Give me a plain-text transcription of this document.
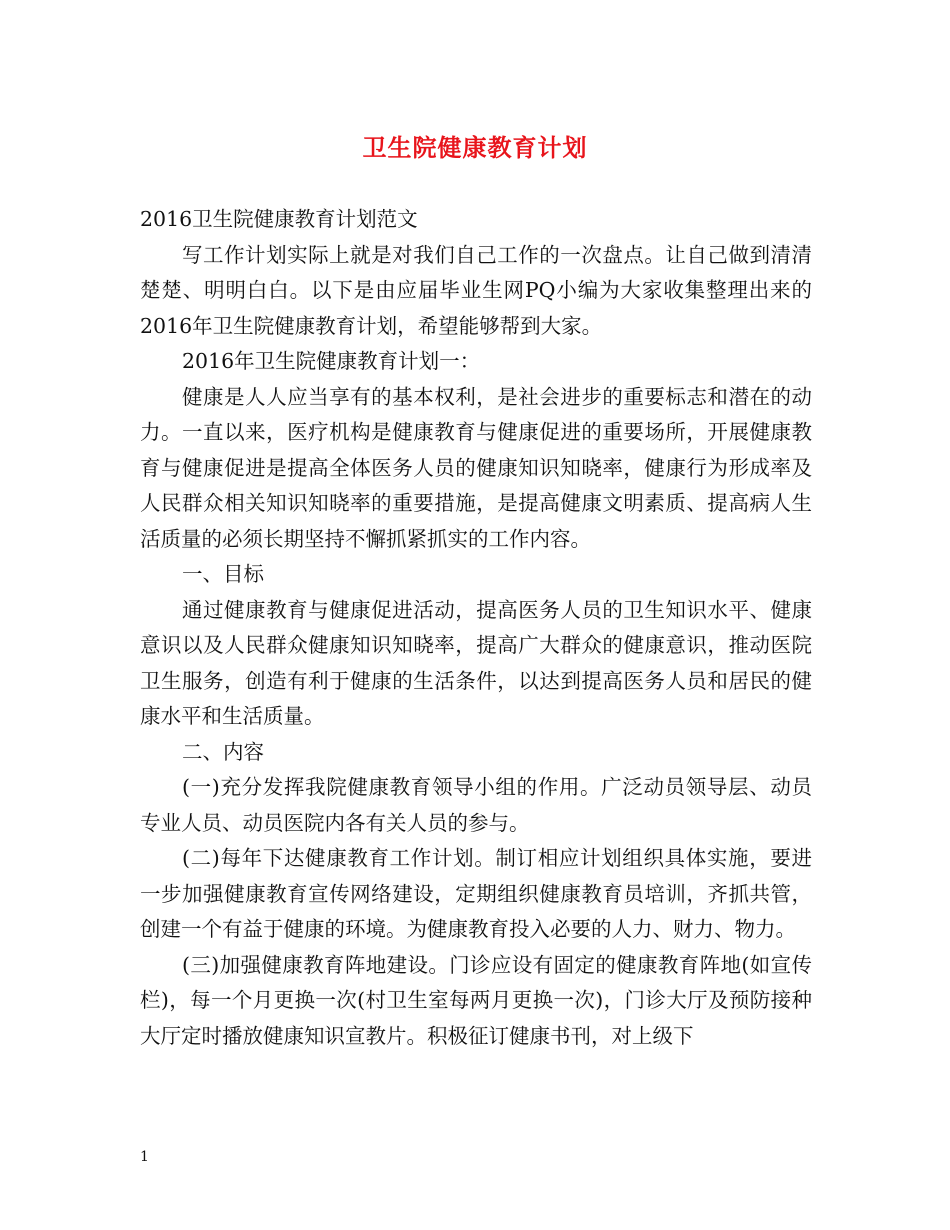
卫生院健康教育计划

2016卫生院健康教育计划范文

写工作计划实际上就是对我们自己工作的一次盘点。让自己做到清清楚楚、明明白白。以下是由应届毕业生网PQ小编为大家收集整理出来的2016年卫生院健康教育计划，希望能够帮到大家。

2016年卫生院健康教育计划一：

健康是人人应当享有的基本权利，是社会进步的重要标志和潜在的动力。一直以来，医疗机构是健康教育与健康促进的重要场所，开展健康教育与健康促进是提高全体医务人员的健康知识知晓率，健康行为形成率及人民群众相关知识知晓率的重要措施，是提高健康文明素质、提高病人生活质量的必须长期坚持不懈抓紧抓实的工作内容。

一、目标

通过健康教育与健康促进活动，提高医务人员的卫生知识水平、健康意识以及人民群众健康知识知晓率，提高广大群众的健康意识，推动医院卫生服务，创造有利于健康的生活条件，以达到提高医务人员和居民的健康水平和生活质量。

二、内容

(一)充分发挥我院健康教育领导小组的作用。广泛动员领导层、动员专业人员、动员医院内各有关人员的参与。

(二)每年下达健康教育工作计划。制订相应计划组织具体实施，要进一步加强健康教育宣传网络建设，定期组织健康教育员培训，齐抓共管，创建一个有益于健康的环境。为健康教育投入必要的人力、财力、物力。

(三)加强健康教育阵地建设。门诊应设有固定的健康教育阵地(如宣传栏)，每一个月更换一次(村卫生室每两月更换一次)，门诊大厅及预防接种大厅定时播放健康知识宣教片。积极征订健康书刊，对上级下

1
